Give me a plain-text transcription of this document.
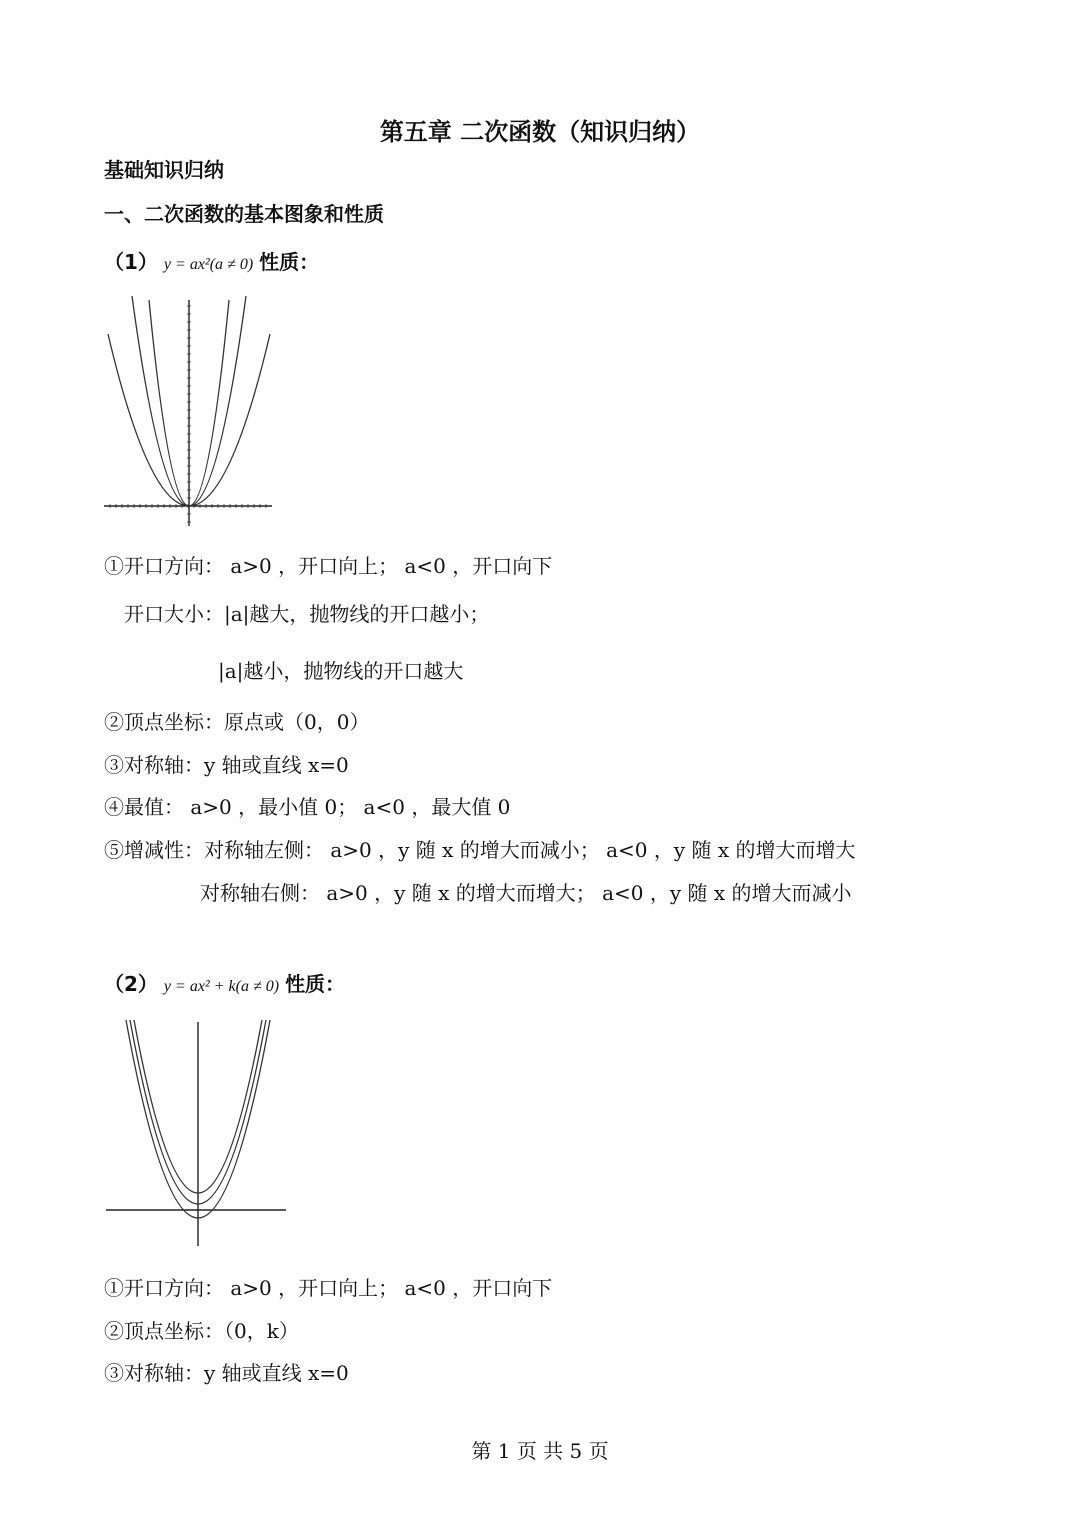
第五章 二次函数（知识归纳）
基础知识归纳
一、二次函数的基本图象和性质
（1） y = ax²(a ≠ 0) 性质：
①开口方向： a>0 ，开口向上； a<0 ，开口向下
开口大小：|a|越大，抛物线的开口越小；
|a|越小，抛物线的开口越大
②顶点坐标：原点或（0，0）
③对称轴：y 轴或直线 x=0
④最值： a>0 ，最小值 0； a<0 ，最大值 0
⑤增减性：对称轴左侧： a>0 ，y 随 x 的增大而减小； a<0 ，y 随 x 的增大而增大
对称轴右侧： a>0 ，y 随 x 的增大而增大； a<0 ，y 随 x 的增大而减小
（2） y = ax² + k(a ≠ 0) 性质：
①开口方向： a>0 ，开口向上； a<0 ，开口向下
②顶点坐标：（0，k）
③对称轴：y 轴或直线 x=0
第 1 页 共 5 页
